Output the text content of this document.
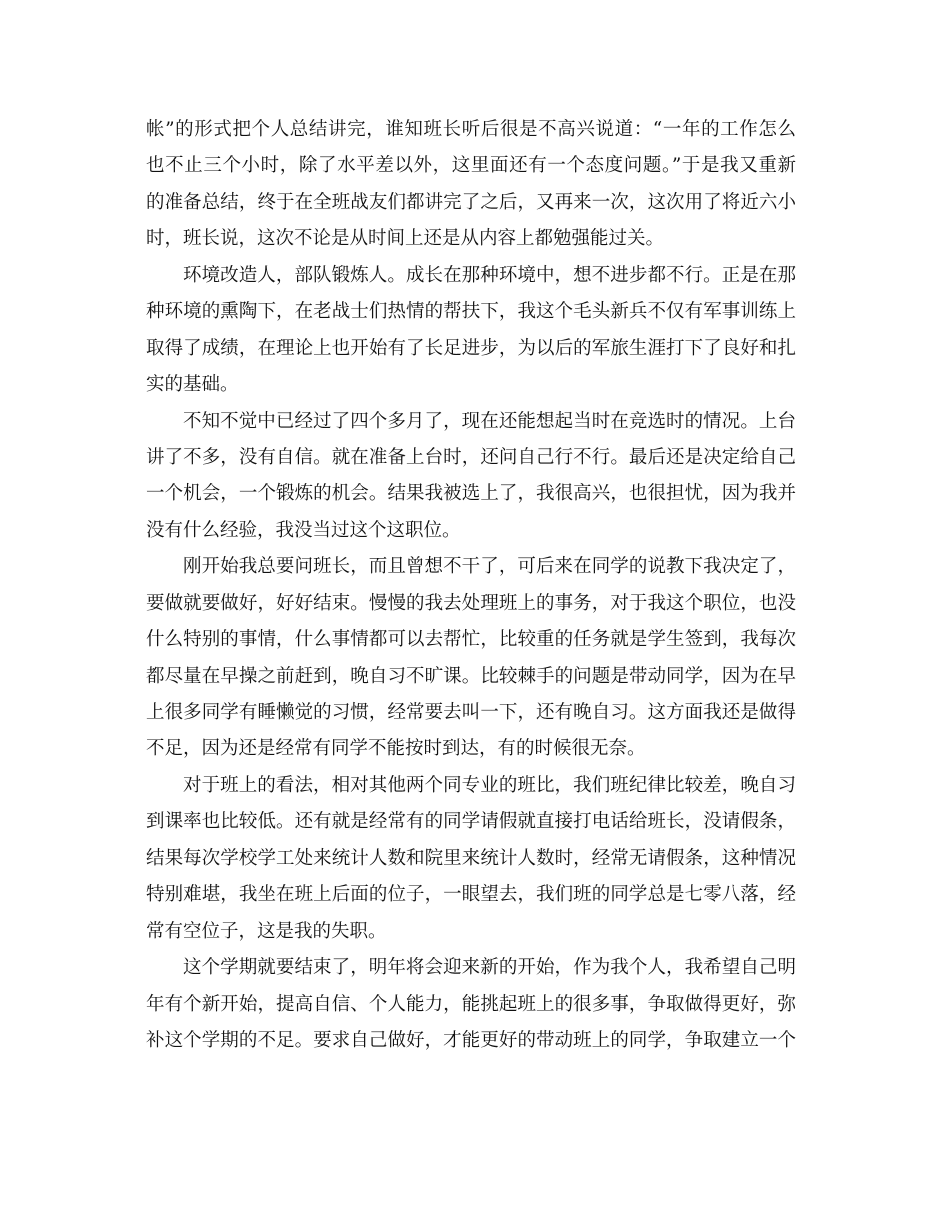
帐”的形式把个人总结讲完，谁知班长听后很是不高兴说道：“一年的工作怎么
也不止三个小时，除了水平差以外，这里面还有一个态度问题。”于是我又重新
的准备总结，终于在全班战友们都讲完了之后，又再来一次，这次用了将近六小
时，班长说，这次不论是从时间上还是从内容上都勉强能过关。
环境改造人，部队锻炼人。成长在那种环境中，想不进步都不行。正是在那
种环境的熏陶下，在老战士们热情的帮扶下，我这个毛头新兵不仅有军事训练上
取得了成绩，在理论上也开始有了长足进步，为以后的军旅生涯打下了良好和扎
实的基础。
不知不觉中已经过了四个多月了，现在还能想起当时在竞选时的情况。上台
讲了不多，没有自信。就在准备上台时，还问自己行不行。最后还是决定给自己
一个机会，一个锻炼的机会。结果我被选上了，我很高兴，也很担忧，因为我并
没有什么经验，我没当过这个这职位。
刚开始我总要问班长，而且曾想不干了，可后来在同学的说教下我决定了，
要做就要做好，好好结束。慢慢的我去处理班上的事务，对于我这个职位，也没
什么特别的事情，什么事情都可以去帮忙，比较重的任务就是学生签到，我每次
都尽量在早操之前赶到，晚自习不旷课。比较棘手的问题是带动同学，因为在早
上很多同学有睡懒觉的习惯，经常要去叫一下，还有晚自习。这方面我还是做得
不足，因为还是经常有同学不能按时到达，有的时候很无奈。
对于班上的看法，相对其他两个同专业的班比，我们班纪律比较差，晚自习
到课率也比较低。还有就是经常有的同学请假就直接打电话给班长，没请假条，
结果每次学校学工处来统计人数和院里来统计人数时，经常无请假条，这种情况
特别难堪，我坐在班上后面的位子，一眼望去，我们班的同学总是七零八落，经
常有空位子，这是我的失职。
这个学期就要结束了，明年将会迎来新的开始，作为我个人，我希望自己明
年有个新开始，提高自信、个人能力，能挑起班上的很多事，争取做得更好，弥
补这个学期的不足。要求自己做好，才能更好的带动班上的同学，争取建立一个
